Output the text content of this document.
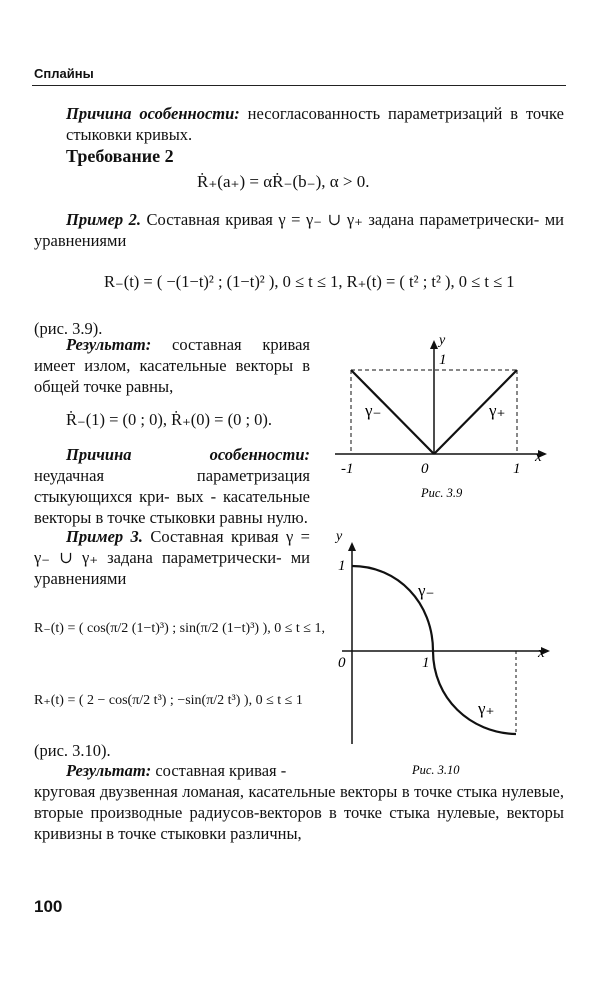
Сплайны
Причина особенности: несогласованность параметризаций в точке стыковки кривых.
Требование 2
Ṙ₊(a₊) = αṘ₋(b₋), α > 0.
Пример 2. Составная кривая γ = γ₋ ∪ γ₊ задана параметрически- ми уравнениями
R₋(t) = ( −(1−t)² ; (1−t)² ), 0 ≤ t ≤ 1, R₊(t) = ( t² ; t² ), 0 ≤ t ≤ 1
(рис. 3.9).
Результат: составная кривая имеет излом, касательные векторы в общей точке равны,
Ṙ₋(1) = (0 ; 0), Ṙ₊(0) = (0 ; 0).
Причина особенности: неудачная параметризация стыкующихся кри- вых - касательные векторы в точке стыковки равны нулю.
Пример 3. Составная кривая γ = γ₋ ∪ γ₊ задана параметрически- ми уравнениями
R₋(t) = ( cos(π/2 (1−t)³) ; sin(π/2 (1−t)³) ), 0 ≤ t ≤ 1,
R₊(t) = ( 2 − cos(π/2 t³) ; −sin(π/2 t³) ), 0 ≤ t ≤ 1
(рис. 3.10).
Результат: составная кривая -
круговая двузвенная ломаная, касательные векторы в точке стыка нулевые, вторые производные радиусов-векторов в точке стыка нулевые, векторы кривизны в точке стыковки различны,
y
1
x
-1	0	1
γ₋	γ₊
Рис. 3.9
y
1
x
0	1
γ₋
γ₊
Рис. 3.10
100
